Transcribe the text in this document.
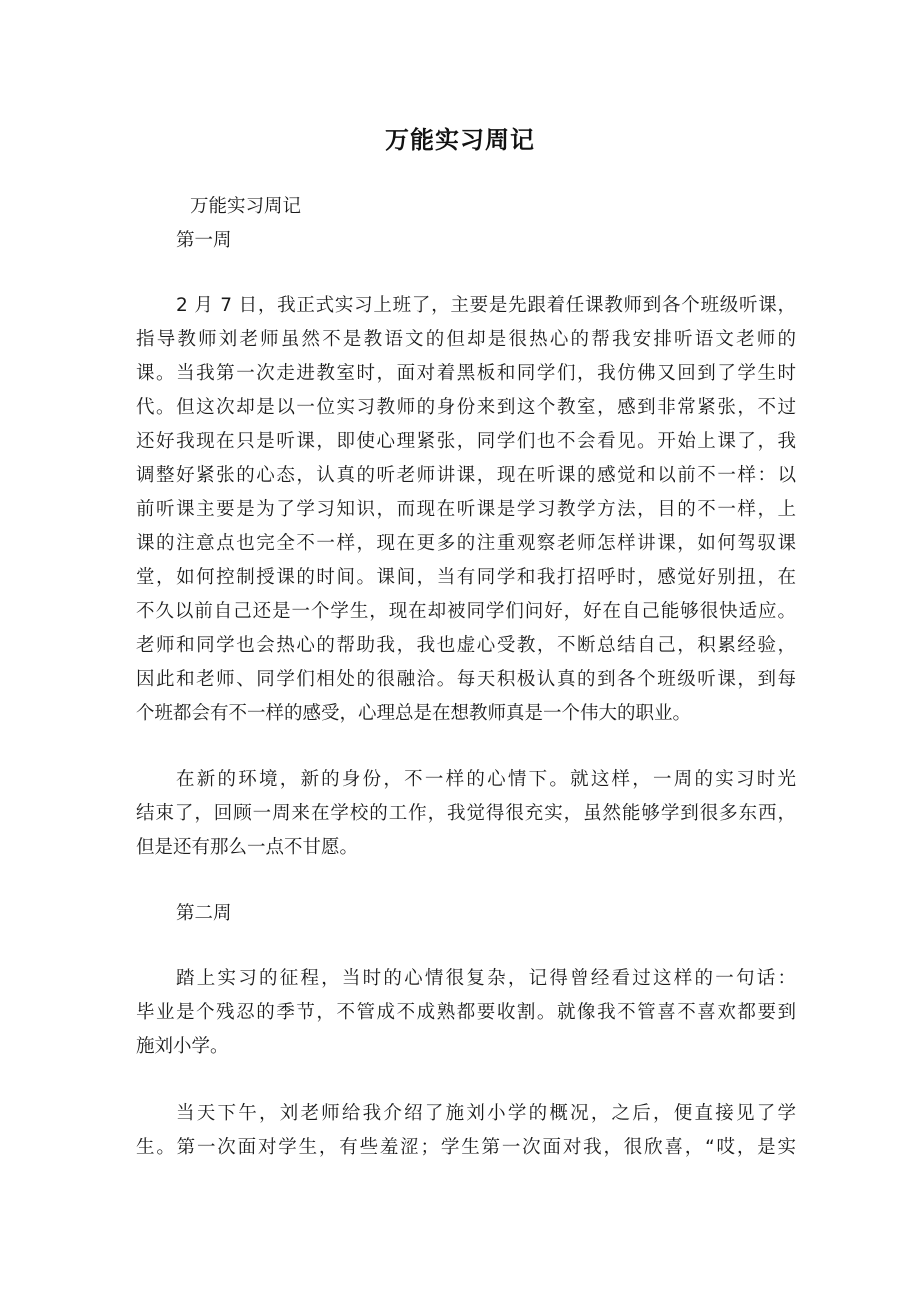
万能实习周记
万能实习周记
第一周
2 月 7 日，我正式实习上班了，主要是先跟着任课教师到各个班级听课，
指导教师刘老师虽然不是教语文的但却是很热心的帮我安排听语文老师的
课。当我第一次走进教室时，面对着黑板和同学们，我仿佛又回到了学生时
代。但这次却是以一位实习教师的身份来到这个教室，感到非常紧张，不过
还好我现在只是听课，即使心理紧张，同学们也不会看见。开始上课了，我
调整好紧张的心态，认真的听老师讲课，现在听课的感觉和以前不一样：以
前听课主要是为了学习知识，而现在听课是学习教学方法，目的不一样，上
课的注意点也完全不一样，现在更多的注重观察老师怎样讲课，如何驾驭课
堂，如何控制授课的时间。课间，当有同学和我打招呼时，感觉好别扭，在
不久以前自己还是一个学生，现在却被同学们问好，好在自己能够很快适应。
老师和同学也会热心的帮助我，我也虚心受教，不断总结自己，积累经验，
因此和老师、同学们相处的很融洽。每天积极认真的到各个班级听课，到每
个班都会有不一样的感受，心理总是在想教师真是一个伟大的职业。
在新的环境，新的身份，不一样的心情下。就这样，一周的实习时光
结束了，回顾一周来在学校的工作，我觉得很充实，虽然能够学到很多东西，
但是还有那么一点不甘愿。
第二周
踏上实习的征程，当时的心情很复杂，记得曾经看过这样的一句话：
毕业是个残忍的季节，不管成不成熟都要收割。就像我不管喜不喜欢都要到
施刘小学。
当天下午，刘老师给我介绍了施刘小学的概况，之后，便直接见了学
生。第一次面对学生，有些羞涩；学生第一次面对我，很欣喜，“哎，是实
